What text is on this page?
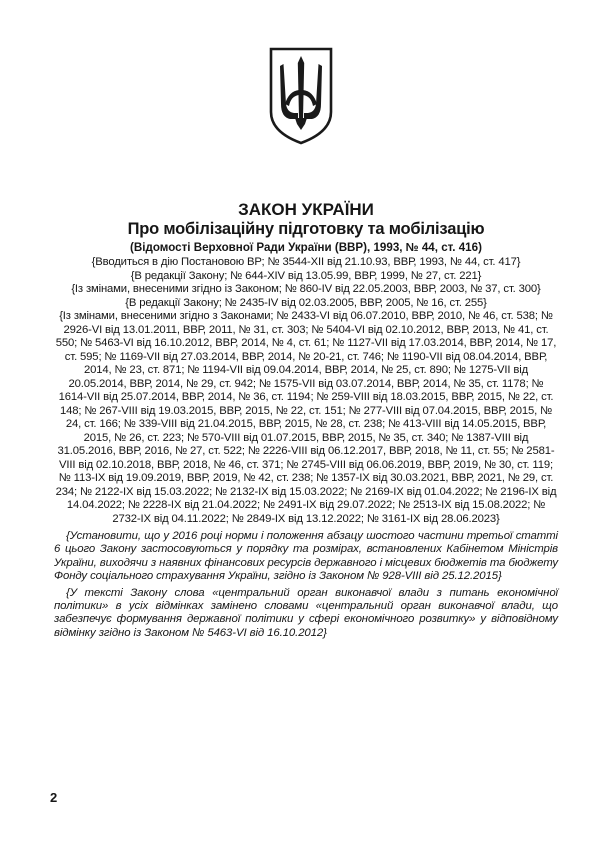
ЗАКОН УКРАЇНИ
Про мобілізаційну підготовку та мобілізацію

(Відомості Верховної Ради України (ВВР), 1993, № 44, ст. 416)

{Вводиться в дію Постановою ВР; № 3544-ХІІ від 21.10.93, ВВР, 1993, № 44, ст. 417}

{В редакції Закону; № 644-XIV від 13.05.99, ВВР, 1999, № 27, ст. 221}

{Із змінами, внесеними згідно із Законом; № 860-IV від 22.05.2003, ВВР, 2003, № 37, ст. 300}

{В редакції Закону; № 2435-IV від 02.03.2005, ВВР, 2005, № 16, ст. 255}

{Із змінами, внесеними згідно з Законами; № 2433-VI від 06.07.2010, ВВР, 2010, № 46, ст. 538; № 2926-VI від 13.01.2011, ВВР, 2011, № 31, ст. 303; № 5404-VI від 02.10.2012, ВВР, 2013, № 41, ст. 550; № 5463-VI від 16.10.2012, ВВР, 2014, № 4, ст. 61; № 1127-VII від 17.03.2014, ВВР, 2014, № 17, ст. 595; № 1169-VII від 27.03.2014, ВВР, 2014, № 20-21, ст. 746; № 1190-VII від 08.04.2014, ВВР, 2014, № 23, ст. 871; № 1194-VII від 09.04.2014, ВВР, 2014, № 25, ст. 890; № 1275-VII від 20.05.2014, ВВР, 2014, № 29, ст. 942; № 1575-VII від 03.07.2014, ВВР, 2014, № 35, ст. 1178; № 1614-VII від 25.07.2014, ВВР, 2014, № 36, ст. 1194; № 259-VIII від 18.03.2015, ВВР, 2015, № 22, ст. 148; № 267-VIII від 19.03.2015, ВВР, 2015, № 22, ст. 151; № 277-VIII від 07.04.2015, ВВР, 2015, № 24, ст. 166; № 339-VIII від 21.04.2015, ВВР, 2015, № 28, ст. 238; № 413-VIII від 14.05.2015, ВВР, 2015, № 26, ст. 223; № 570-VIII від 01.07.2015, ВВР, 2015, № 35, ст. 340; № 1387-VIII від 31.05.2016, ВВР, 2016, № 27, ст. 522; № 2226-VIII від 06.12.2017, ВВР, 2018, № 11, ст. 55; № 2581-VIII від 02.10.2018, ВВР, 2018, № 46, ст. 371; № 2745-VIII від 06.06.2019, ВВР, 2019, № 30, ст. 119; № 113-IX від 19.09.2019, ВВР, 2019, № 42, ст. 238; № 1357-IX від 30.03.2021, ВВР, 2021, № 29, ст. 234; № 2122-IX від 15.03.2022; № 2132-IX від 15.03.2022; № 2169-IX від 01.04.2022; № 2196-IX від 14.04.2022; № 2228-IX від 21.04.2022; № 2491-IX від 29.07.2022; № 2513-IX від 15.08.2022; № 2732-IX від 04.11.2022; № 2849-IX від 13.12.2022; № 3161-IX від 28.06.2023}

{Установити, що у 2016 році норми і положення абзацу шостого частини третьої статті 6 цього Закону застосовуються у порядку та розмірах, встановлених Кабінетом Міністрів України, виходячи з наявних фінансових ресурсів державного і місцевих бюджетів та бюджету Фонду соціального страхування України, згідно із Законом № 928-VIII від 25.12.2015}

{У тексті Закону слова «центральний орган виконавчої влади з питань економічної політики» в усіх відмінках замінено словами «центральний орган виконавчої влади, що забезпечує формування державної політики у сфері економічного розвитку» у відповідному відмінку згідно із Законом № 5463-VI від 16.10.2012}

2
